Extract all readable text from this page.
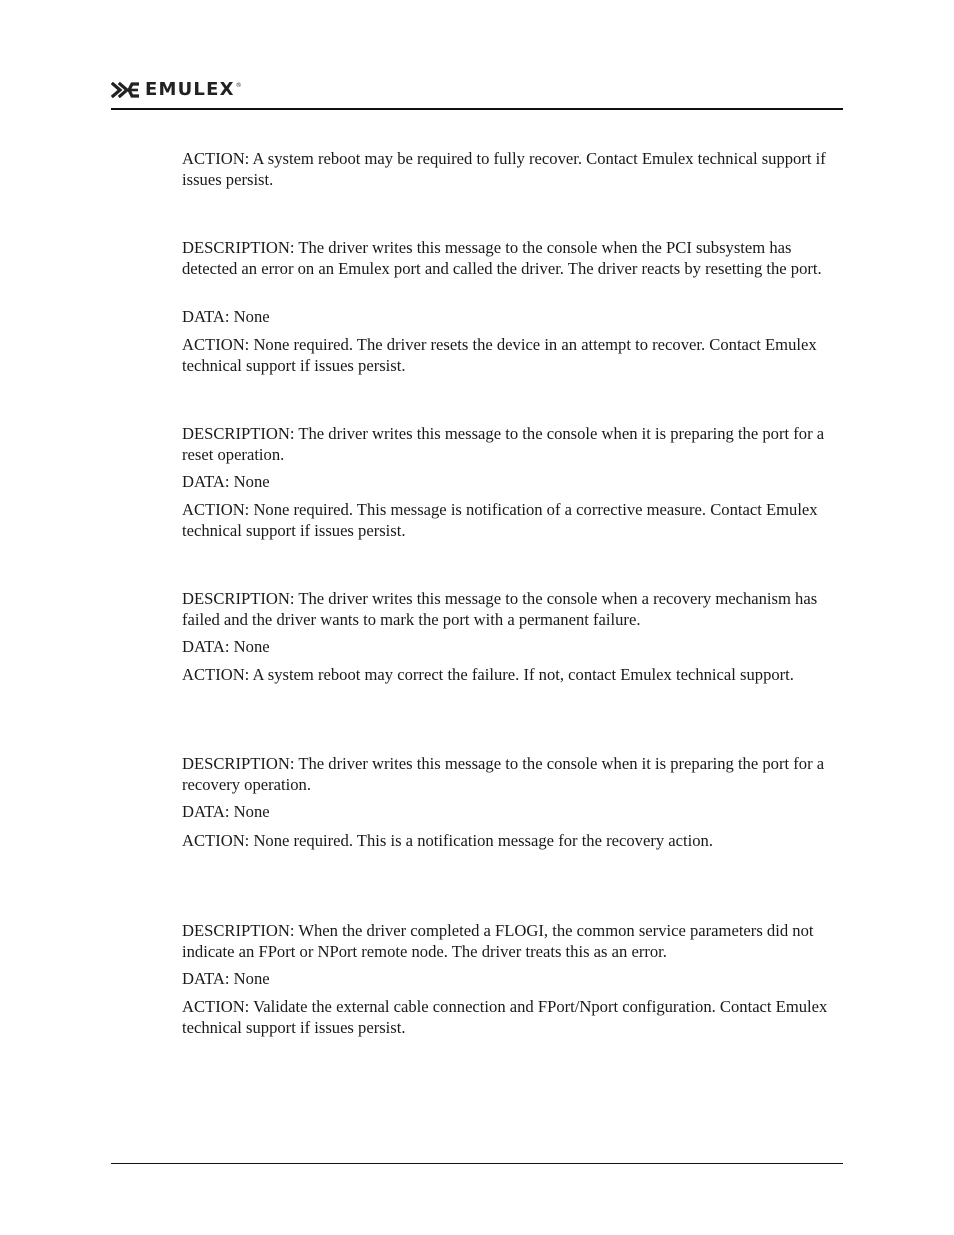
EMULEX ®

ACTION: A system reboot may be required to fully recover. Contact Emulex technical support if issues persist.

DESCRIPTION: The driver writes this message to the console when the PCI subsystem has detected an error on an Emulex port and called the driver. The driver reacts by resetting the port.

DATA: None

ACTION: None required. The driver resets the device in an attempt to recover. Contact Emulex technical support if issues persist.

DESCRIPTION: The driver writes this message to the console when it is preparing the port for a reset operation.

DATA: None

ACTION: None required. This message is notification of a corrective measure. Contact Emulex technical support if issues persist.

DESCRIPTION: The driver writes this message to the console when a recovery mechanism has failed and the driver wants to mark the port with a permanent failure.

DATA: None

ACTION: A system reboot may correct the failure. If not, contact Emulex technical support.

DESCRIPTION: The driver writes this message to the console when it is preparing the port for a recovery operation.

DATA: None

ACTION: None required. This is a notification message for the recovery action.

DESCRIPTION: When the driver completed a FLOGI, the common service parameters did not indicate an FPort or NPort remote node. The driver treats this as an error.

DATA: None

ACTION: Validate the external cable connection and FPort/Nport configuration. Contact Emulex technical support if issues persist.
